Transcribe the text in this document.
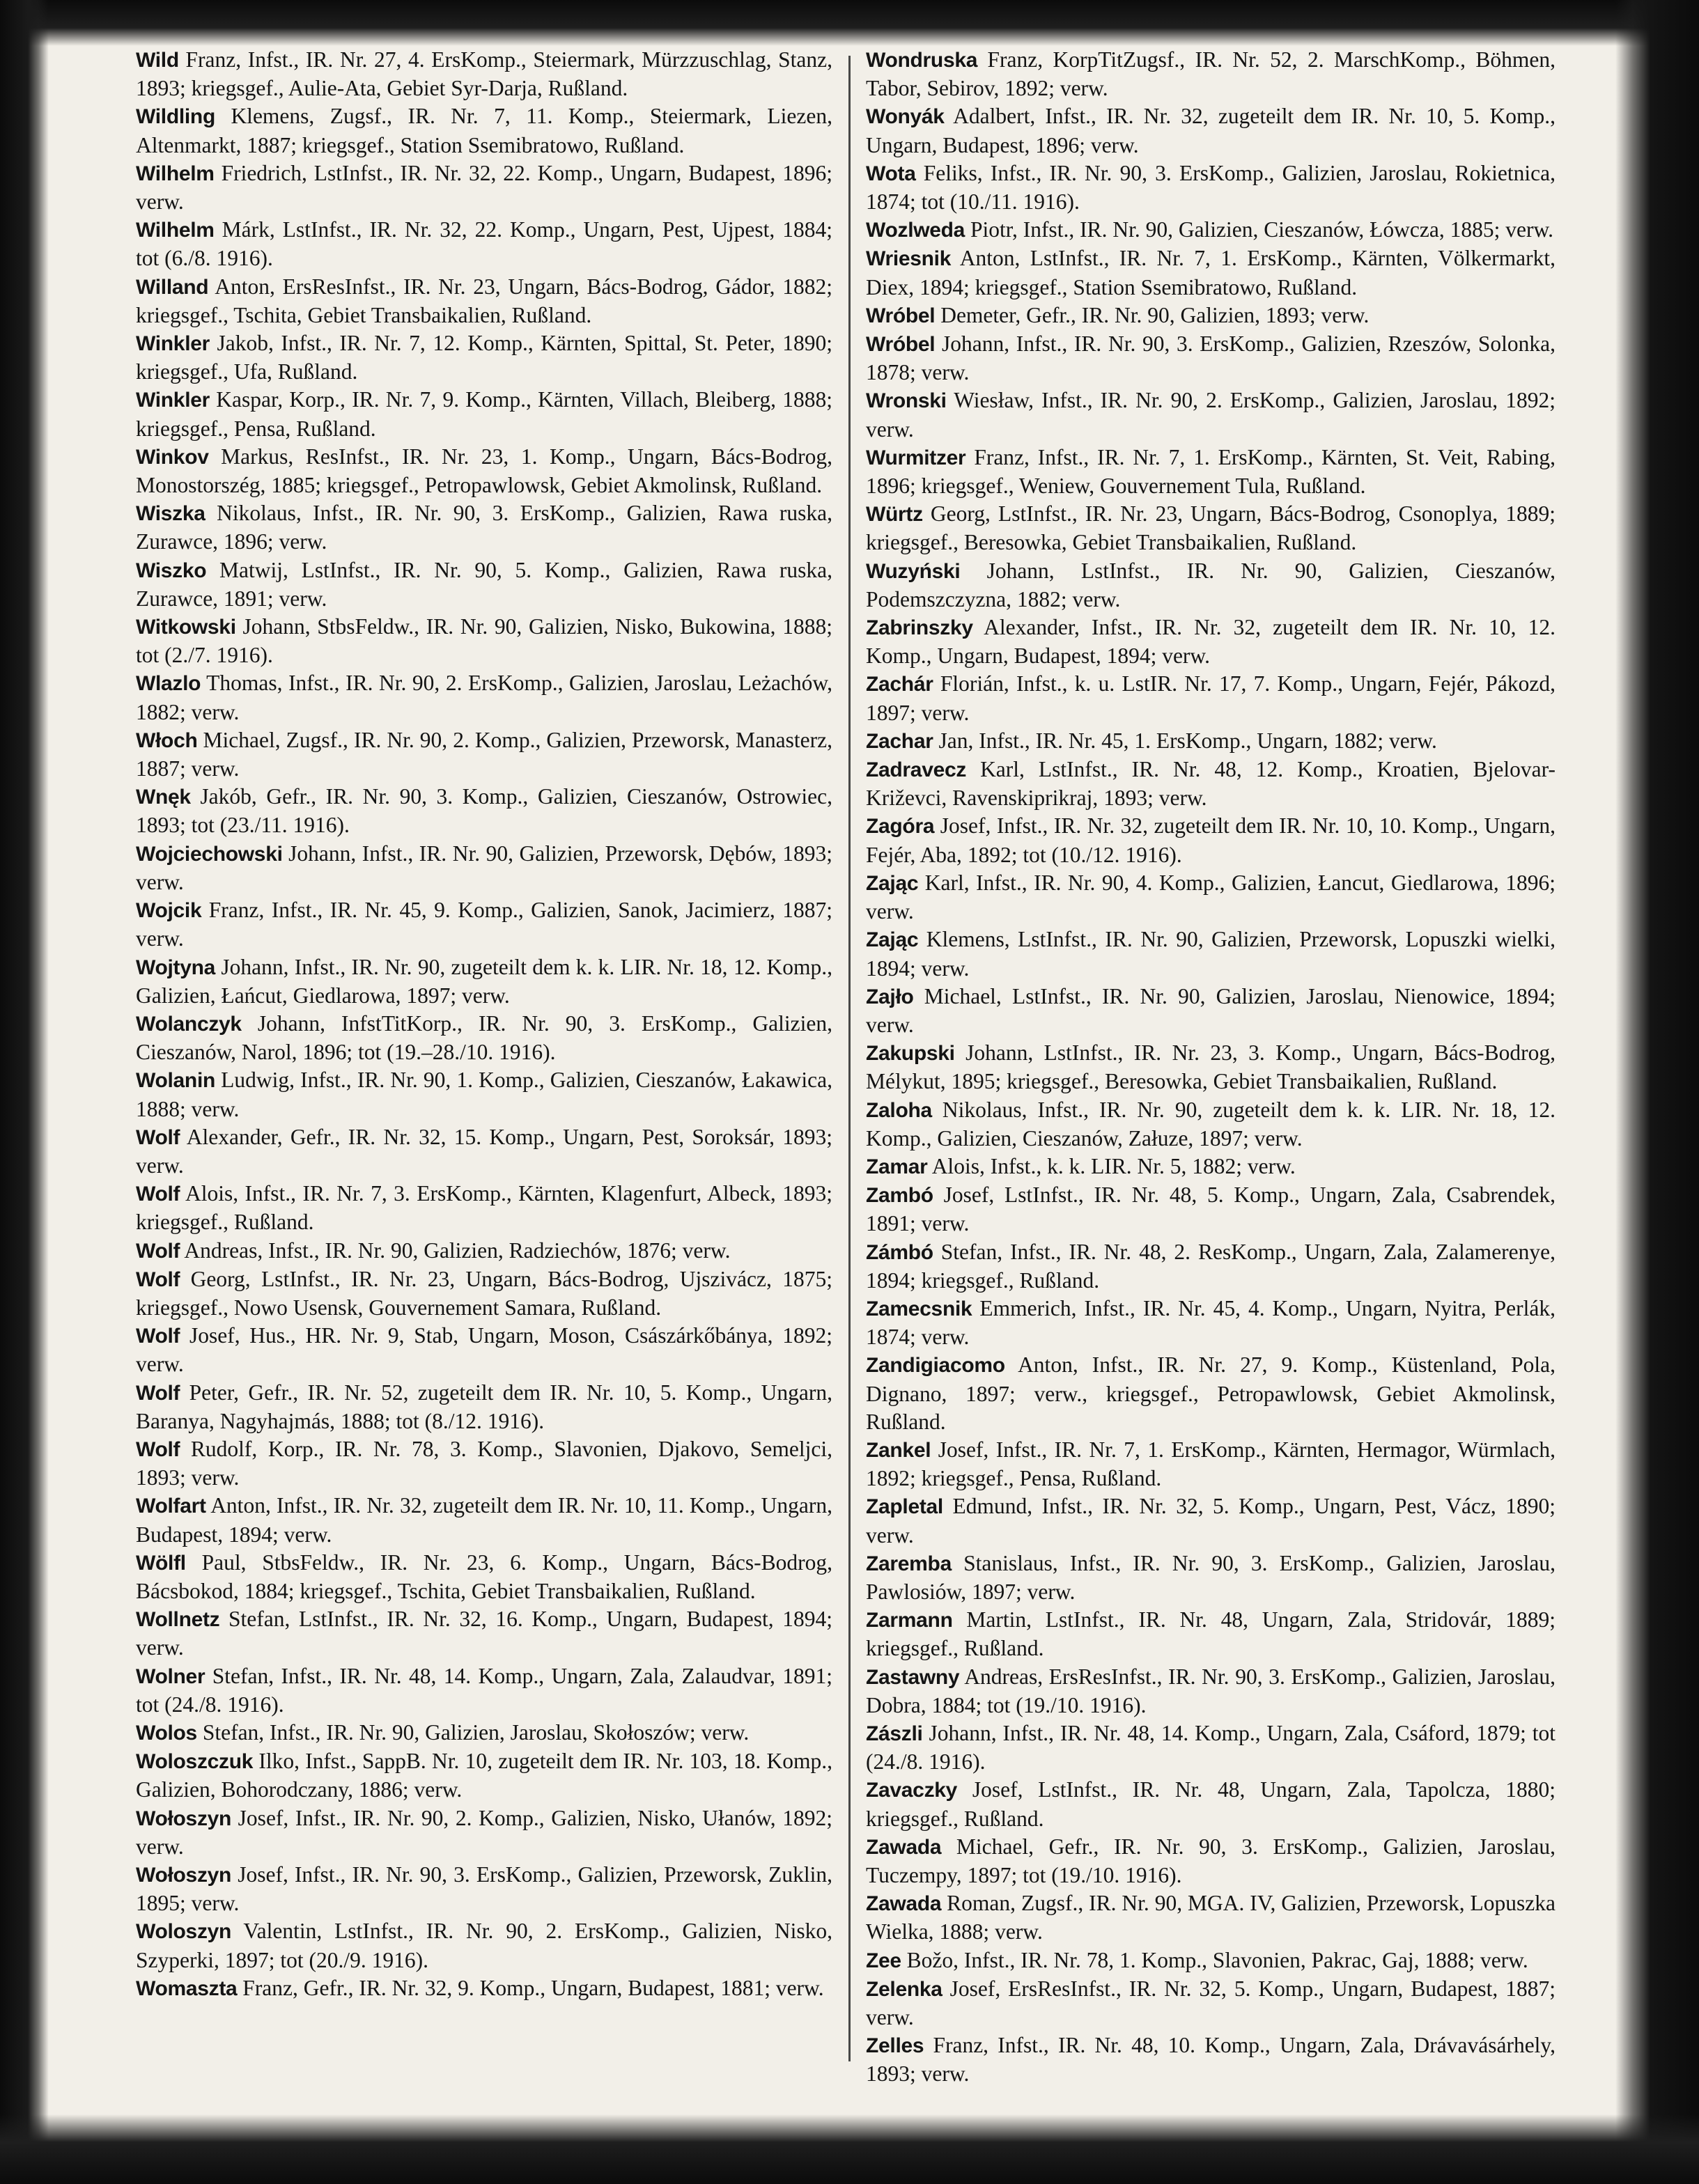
Wild Franz, Infst., IR. Nr. 27, 4. ErsKomp., Steiermark, Mürzzuschlag, Stanz, 1893; kriegsgef., Aulie-Ata, Gebiet Syr-Darja, Rußland.
Wildling Klemens, Zugsf., IR. Nr. 7, 11. Komp., Steiermark, Liezen, Altenmarkt, 1887; kriegsgef., Station Ssemibratowo, Rußland.
Wilhelm Friedrich, LstInfst., IR. Nr. 32, 22. Komp., Ungarn, Budapest, 1896; verw.
Wilhelm Márk, LstInfst., IR. Nr. 32, 22. Komp., Ungarn, Pest, Ujpest, 1884; tot (6./8. 1916).
Willand Anton, ErsResInfst., IR. Nr. 23, Ungarn, Bács-Bodrog, Gádor, 1882; kriegsgef., Tschita, Gebiet Transbaikalien, Rußland.
Winkler Jakob, Infst., IR. Nr. 7, 12. Komp., Kärnten, Spittal, St. Peter, 1890; kriegsgef., Ufa, Rußland.
Winkler Kaspar, Korp., IR. Nr. 7, 9. Komp., Kärnten, Villach, Bleiberg, 1888; kriegsgef., Pensa, Rußland.
Winkov Markus, ResInfst., IR. Nr. 23, 1. Komp., Ungarn, Bács-Bodrog, Monostorszég, 1885; kriegsgef., Petropawlowsk, Gebiet Akmolinsk, Rußland.
Wiszka Nikolaus, Infst., IR. Nr. 90, 3. ErsKomp., Galizien, Rawa ruska, Zurawce, 1896; verw.
Wiszko Matwij, LstInfst., IR. Nr. 90, 5. Komp., Galizien, Rawa ruska, Zurawce, 1891; verw.
Witkowski Johann, StbsFeldw., IR. Nr. 90, Galizien, Nisko, Bukowina, 1888; tot (2./7. 1916).
Wlazlo Thomas, Infst., IR. Nr. 90, 2. ErsKomp., Galizien, Jaroslau, Leżachów, 1882; verw.
Włoch Michael, Zugsf., IR. Nr. 90, 2. Komp., Galizien, Przeworsk, Manasterz, 1887; verw.
Wnęk Jakób, Gefr., IR. Nr. 90, 3. Komp., Galizien, Cieszanów, Ostrowiec, 1893; tot (23./11. 1916).
Wojciechowski Johann, Infst., IR. Nr. 90, Galizien, Przeworsk, Dębów, 1893; verw.
Wojcik Franz, Infst., IR. Nr. 45, 9. Komp., Galizien, Sanok, Jacimierz, 1887; verw.
Wojtyna Johann, Infst., IR. Nr. 90, zugeteilt dem k. k. LIR. Nr. 18, 12. Komp., Galizien, Łańcut, Giedlarowa, 1897; verw.
Wolanczyk Johann, InfstTitKorp., IR. Nr. 90, 3. ErsKomp., Galizien, Cieszanów, Narol, 1896; tot (19.–28./10. 1916).
Wolanin Ludwig, Infst., IR. Nr. 90, 1. Komp., Galizien, Cieszanów, Łakawica, 1888; verw.
Wolf Alexander, Gefr., IR. Nr. 32, 15. Komp., Ungarn, Pest, Soroksár, 1893; verw.
Wolf Alois, Infst., IR. Nr. 7, 3. ErsKomp., Kärnten, Klagenfurt, Albeck, 1893; kriegsgef., Rußland.
Wolf Andreas, Infst., IR. Nr. 90, Galizien, Radziechów, 1876; verw.
Wolf Georg, LstInfst., IR. Nr. 23, Ungarn, Bács-Bodrog, Ujszivácz, 1875; kriegsgef., Nowo Usensk, Gouvernement Samara, Rußland.
Wolf Josef, Hus., HR. Nr. 9, Stab, Ungarn, Moson, Császárkőbánya, 1892; verw.
Wolf Peter, Gefr., IR. Nr. 52, zugeteilt dem IR. Nr. 10, 5. Komp., Ungarn, Baranya, Nagyhajmás, 1888; tot (8./12. 1916).
Wolf Rudolf, Korp., IR. Nr. 78, 3. Komp., Slavonien, Djakovo, Semeljci, 1893; verw.
Wolfart Anton, Infst., IR. Nr. 32, zugeteilt dem IR. Nr. 10, 11. Komp., Ungarn, Budapest, 1894; verw.
Wölfl Paul, StbsFeldw., IR. Nr. 23, 6. Komp., Ungarn, Bács-Bodrog, Bácsbokod, 1884; kriegsgef., Tschita, Gebiet Transbaikalien, Rußland.
Wollnetz Stefan, LstInfst., IR. Nr. 32, 16. Komp., Ungarn, Budapest, 1894; verw.
Wolner Stefan, Infst., IR. Nr. 48, 14. Komp., Ungarn, Zala, Zalaudvar, 1891; tot (24./8. 1916).
Wolos Stefan, Infst., IR. Nr. 90, Galizien, Jaroslau, Skołoszów; verw.
Woloszczuk Ilko, Infst., SappB. Nr. 10, zugeteilt dem IR. Nr. 103, 18. Komp., Galizien, Bohorodczany, 1886; verw.
Wołoszyn Josef, Infst., IR. Nr. 90, 2. Komp., Galizien, Nisko, Ułanów, 1892; verw.
Wołoszyn Josef, Infst., IR. Nr. 90, 3. ErsKomp., Galizien, Przeworsk, Zuklin, 1895; verw.
Woloszyn Valentin, LstInfst., IR. Nr. 90, 2. ErsKomp., Galizien, Nisko, Szyperki, 1897; tot (20./9. 1916).
Womaszta Franz, Gefr., IR. Nr. 32, 9. Komp., Ungarn, Budapest, 1881; verw.
Wondruska Franz, KorpTitZugsf., IR. Nr. 52, 2. MarschKomp., Böhmen, Tabor, Sebirov, 1892; verw.
Wonyák Adalbert, Infst., IR. Nr. 32, zugeteilt dem IR. Nr. 10, 5. Komp., Ungarn, Budapest, 1896; verw.
Wota Feliks, Infst., IR. Nr. 90, 3. ErsKomp., Galizien, Jaroslau, Rokietnica, 1874; tot (10./11. 1916).
Wozlweda Piotr, Infst., IR. Nr. 90, Galizien, Cieszanów, Łówcza, 1885; verw.
Wriesnik Anton, LstInfst., IR. Nr. 7, 1. ErsKomp., Kärnten, Völkermarkt, Diex, 1894; kriegsgef., Station Ssemibratowo, Rußland.
Wróbel Demeter, Gefr., IR. Nr. 90, Galizien, 1893; verw.
Wróbel Johann, Infst., IR. Nr. 90, 3. ErsKomp., Galizien, Rzeszów, Solonka, 1878; verw.
Wronski Wiesław, Infst., IR. Nr. 90, 2. ErsKomp., Galizien, Jaroslau, 1892; verw.
Wurmitzer Franz, Infst., IR. Nr. 7, 1. ErsKomp., Kärnten, St. Veit, Rabing, 1896; kriegsgef., Weniew, Gouvernement Tula, Rußland.
Würtz Georg, LstInfst., IR. Nr. 23, Ungarn, Bács-Bodrog, Csonoplya, 1889; kriegsgef., Beresowka, Gebiet Transbaikalien, Rußland.
Wuzyński Johann, LstInfst., IR. Nr. 90, Galizien, Cieszanów, Podemszczyzna, 1882; verw.
Zabrinszky Alexander, Infst., IR. Nr. 32, zugeteilt dem IR. Nr. 10, 12. Komp., Ungarn, Budapest, 1894; verw.
Zachár Florián, Infst., k. u. LstIR. Nr. 17, 7. Komp., Ungarn, Fejér, Pákozd, 1897; verw.
Zachar Jan, Infst., IR. Nr. 45, 1. ErsKomp., Ungarn, 1882; verw.
Zadravecz Karl, LstInfst., IR. Nr. 48, 12. Komp., Kroatien, Bjelovar-Križevci, Ravenskiprikraj, 1893; verw.
Zagóra Josef, Infst., IR. Nr. 32, zugeteilt dem IR. Nr. 10, 10. Komp., Ungarn, Fejér, Aba, 1892; tot (10./12. 1916).
Zając Karl, Infst., IR. Nr. 90, 4. Komp., Galizien, Łancut, Giedlarowa, 1896; verw.
Zając Klemens, LstInfst., IR. Nr. 90, Galizien, Przeworsk, Lopuszki wielki, 1894; verw.
Zajło Michael, LstInfst., IR. Nr. 90, Galizien, Jaroslau, Nienowice, 1894; verw.
Zakupski Johann, LstInfst., IR. Nr. 23, 3. Komp., Ungarn, Bács-Bodrog, Mélykut, 1895; kriegsgef., Beresowka, Gebiet Transbaikalien, Rußland.
Zaloha Nikolaus, Infst., IR. Nr. 90, zugeteilt dem k. k. LIR. Nr. 18, 12. Komp., Galizien, Cieszanów, Załuze, 1897; verw.
Zamar Alois, Infst., k. k. LIR. Nr. 5, 1882; verw.
Zambó Josef, LstInfst., IR. Nr. 48, 5. Komp., Ungarn, Zala, Csabrendek, 1891; verw.
Zámbó Stefan, Infst., IR. Nr. 48, 2. ResKomp., Ungarn, Zala, Zalamerenye, 1894; kriegsgef., Rußland.
Zamecsnik Emmerich, Infst., IR. Nr. 45, 4. Komp., Ungarn, Nyitra, Perlák, 1874; verw.
Zandigiacomo Anton, Infst., IR. Nr. 27, 9. Komp., Küstenland, Pola, Dignano, 1897; verw., kriegsgef., Petropawlowsk, Gebiet Akmolinsk, Rußland.
Zankel Josef, Infst., IR. Nr. 7, 1. ErsKomp., Kärnten, Hermagor, Würmlach, 1892; kriegsgef., Pensa, Rußland.
Zapletal Edmund, Infst., IR. Nr. 32, 5. Komp., Ungarn, Pest, Vácz, 1890; verw.
Zaremba Stanislaus, Infst., IR. Nr. 90, 3. ErsKomp., Galizien, Jaroslau, Pawlosiów, 1897; verw.
Zarmann Martin, LstInfst., IR. Nr. 48, Ungarn, Zala, Stridovár, 1889; kriegsgef., Rußland.
Zastawny Andreas, ErsResInfst., IR. Nr. 90, 3. ErsKomp., Galizien, Jaroslau, Dobra, 1884; tot (19./10. 1916).
Zászli Johann, Infst., IR. Nr. 48, 14. Komp., Ungarn, Zala, Csáford, 1879; tot (24./8. 1916).
Zavaczky Josef, LstInfst., IR. Nr. 48, Ungarn, Zala, Tapolcza, 1880; kriegsgef., Rußland.
Zawada Michael, Gefr., IR. Nr. 90, 3. ErsKomp., Galizien, Jaroslau, Tuczempy, 1897; tot (19./10. 1916).
Zawada Roman, Zugsf., IR. Nr. 90, MGA. IV, Galizien, Przeworsk, Lopuszka Wielka, 1888; verw.
Zee Božo, Infst., IR. Nr. 78, 1. Komp., Slavonien, Pakrac, Gaj, 1888; verw.
Zelenka Josef, ErsResInfst., IR. Nr. 32, 5. Komp., Ungarn, Budapest, 1887; verw.
Zelles Franz, Infst., IR. Nr. 48, 10. Komp., Ungarn, Zala, Drávavásárhely, 1893; verw.
